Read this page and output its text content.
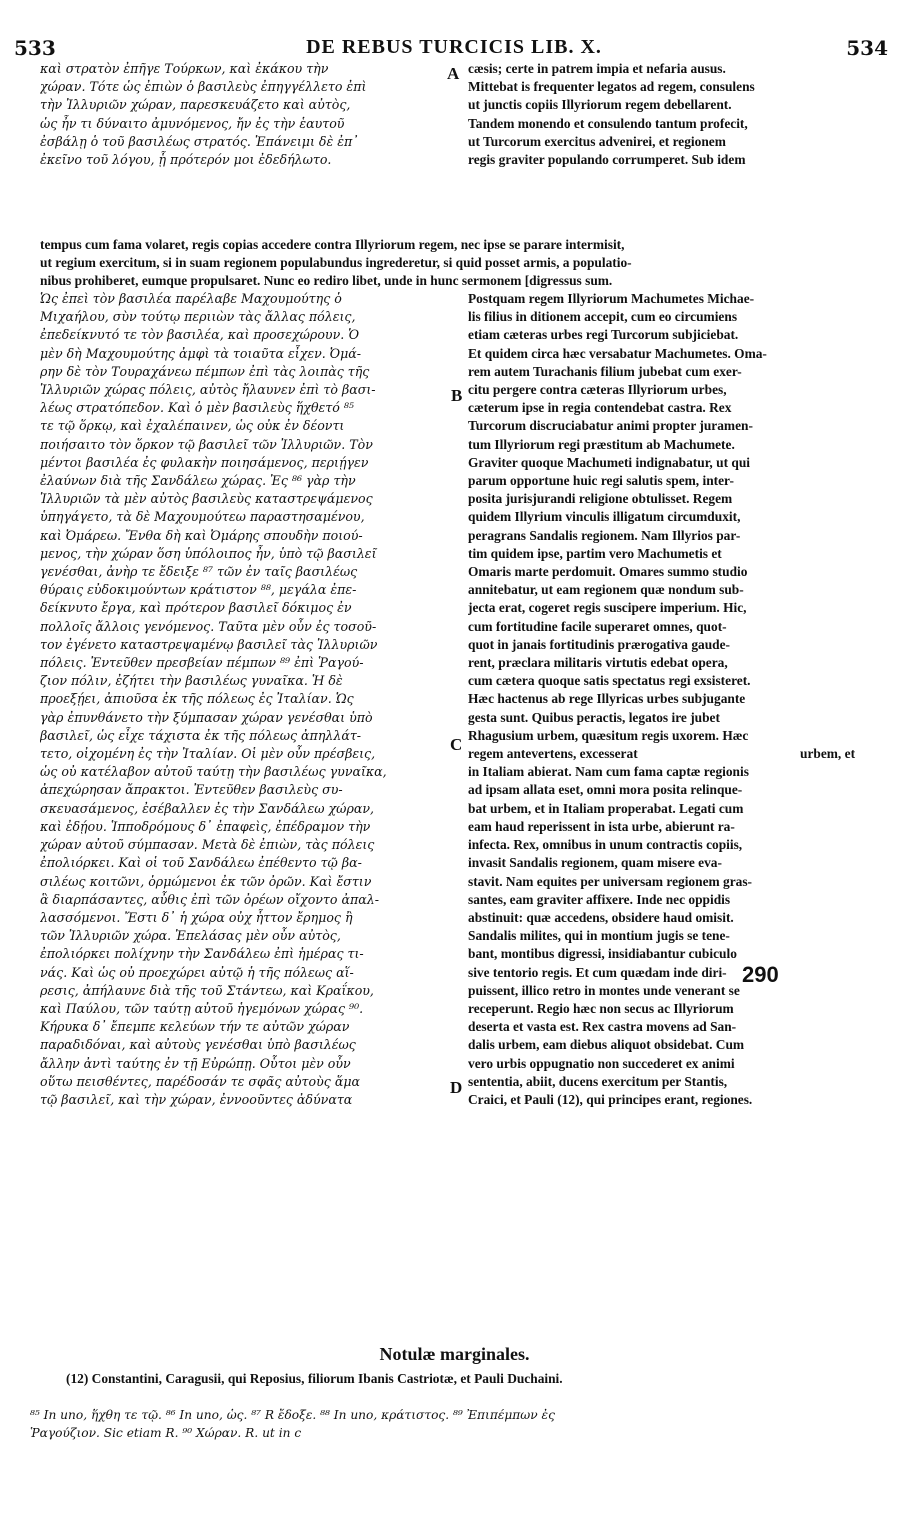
533	DE REBUS TURCICIS LIB. X.	534
καὶ στρατὸν ἐπῆγε Τούρκων, καὶ ἐκάκου τὴν
χώραν. Τότε ὡς ἐπιὼν ὁ βασιλεὺς ἐπηγγέλλετο ἐπὶ
τὴν Ἰλλυριῶν χώραν, παρεσκευάζετο καὶ αὐτὸς,
ὡς ἦν τι δύναιτο ἀμυνόμενος, ἤν ἐς τὴν ἑαυτοῦ
ἐσβάλῃ ὁ τοῦ βασιλέως στρατός. Ἐπάνειμι δὲ ἐπ᾽
ἐκεῖνο τοῦ λόγου, ᾗ πρότερόν μοι ἐδεδήλωτο.
cæsis; certe in patrem impia et nefaria ausus.
Mittebat is frequenter legatos ad regem, consulens
ut junctis copiis Illyriorum regem debellarent.
Tandem monendo et consulendo tantum profecit,
ut Turcorum exercitus advenirei, et regionem
regis graviter populando corrumperet. Sub idem
tempus cum fama volaret, regis copias accedere contra Illyriorum regem, nec ipse se parare intermisit,
ut regium exercitum, si in suam regionem populabundus ingrederetur, si quid posset armis, a populatio-
nibus prohiberet, eumque propulsaret. Nunc eo rediro libet, unde in hunc sermonem [digressus sum.
Ὡς ἐπεὶ τὸν βασιλέα παρέλαβε Μαχουμούτης ὁ
Μιχαήλου, σὺν τούτῳ περιιὼν τὰς ἄλλας πόλεις,
ἐπεδείκνυτό τε τὸν βασιλέα, καὶ προσεχώρουν. Ὁ
μὲν δὴ Μαχουμούτης ἀμφὶ τὰ τοιαῦτα εἶχεν. Ὀμά-
ρην δὲ τὸν Τουραχάνεω πέμπων ἐπὶ τὰς λοιπὰς τῆς
Ἰλλυριῶν χώρας πόλεις, αὐτὸς ἤλαυνεν ἐπὶ τὸ βασι-
λέως στρατόπεδον. Καὶ ὁ μὲν βασιλεὺς ἥχθετό ⁸⁵
τε τῷ ὅρκῳ, καὶ ἐχαλέπαινεν, ὡς οὐκ ἐν δέοντι
ποιήσαιτο τὸν ὅρκον τῷ βασιλεῖ τῶν Ἰλλυριῶν. Τὸν
μέντοι βασιλέα ἐς φυλακὴν ποιησάμενος, περιῄγεν
ἐλαύνων διὰ τῆς Σανδάλεω χώρας. Ἐς ⁸⁶ γὰρ τὴν
Ἰλλυριῶν τὰ μὲν αὐτὸς βασιλεὺς καταστρεψάμενος
ὑπηγάγετο, τὰ δὲ Μαχουμούτεω παραστησαμένου,
καὶ Ὀμάρεω. Ἔνθα δὴ καὶ Ὀμάρης σπουδὴν ποιού-
μενος, τὴν χώραν ὅση ὑπόλοιπος ἦν, ὑπὸ τῷ βασιλεῖ
γενέσθαι, ἀνὴρ τε ἔδειξε ⁸⁷ τῶν ἐν ταῖς βασιλέως
θύραις εὐδοκιμούντων κράτιστον ⁸⁸, μεγάλα ἐπε-
δείκνυτο ἔργα, καὶ πρότερον βασιλεῖ δόκιμος ἐν
πολλοῖς ἄλλοις γενόμενος. Ταῦτα μὲν οὖν ἐς τοσοῦ-
τον ἐγένετο καταστρεψαμένῳ βασιλεῖ τὰς Ἰλλυριῶν
πόλεις. Ἐντεῦθεν πρεσβείαν πέμπων ⁸⁹ ἐπὶ Ῥαγού-
ζιον πόλιν, ἐζήτει τὴν βασιλέως γυναῖκα. Ἡ δὲ
προεξῄει, ἀπιοῦσα ἐκ τῆς πόλεως ἐς Ἰταλίαν. Ὡς
γὰρ ἐπυνθάνετο τὴν ξύμπασαν χώραν γενέσθαι ὑπὸ
βασιλεῖ, ὡς εἶχε τάχιστα ἐκ τῆς πόλεως ἀπηλλάτ-
τετο, οἰχομένη ἐς τὴν Ἰταλίαν. Οἱ μὲν οὖν πρέσβεις,
ὡς οὐ κατέλαβον αὐτοῦ ταύτῃ τὴν βασιλέως γυναῖκα,
ἀπεχώρησαν ἄπρακτοι. Ἐντεῦθεν βασιλεὺς συ-
σκευασάμενος, ἐσέβαλλεν ἐς τὴν Σανδάλεω χώραν,
καὶ ἐδῄου. Ἱπποδρόμους δ᾽ ἐπαφεὶς, ἐπέδραμον τὴν
χώραν αὐτοῦ σύμπασαν. Μετὰ δὲ ἐπιὼν, τὰς πόλεις
ἐπολιόρκει. Καὶ οἱ τοῦ Σανδάλεω ἐπέθεντο τῷ βα-
σιλέως κοιτῶνι, ὁρμώμενοι ἐκ τῶν ὀρῶν. Καὶ ἔστιν
ἃ διαρπάσαντες, αὖθις ἐπὶ τῶν ὀρέων οἴχοντο ἀπαλ-
λασσόμενοι. Ἔστι δ᾽ ἡ χώρα οὐχ ἧττον ἔρημος ἢ
τῶν Ἰλλυριῶν χώρα. Ἐπελάσας μὲν οὖν αὐτὸς,
ἐπολιόρκει πολίχνην τὴν Σανδάλεω ἐπὶ ἡμέρας τι-
νάς. Καὶ ὡς οὐ προεχώρει αὐτῷ ἡ τῆς πόλεως αἵ-
ρεσις, ἀπήλαυνε διὰ τῆς τοῦ Στάντεω, καὶ Κραΐκου,
καὶ Παύλου, τῶν ταύτῃ αὐτοῦ ἡγεμόνων χώρας ⁹⁰.
Κήρυκα δ᾽ ἔπεμπε κελεύων τήν τε αὐτῶν χώραν
παραδιδόναι, καὶ αὐτοὺς γενέσθαι ὑπὸ βασιλέως
ἄλλην ἀντὶ ταύτης ἐν τῇ Εὐρώπῃ. Οὗτοι μὲν οὖν
οὕτω πεισθέντες, παρέδοσάν τε σφᾶς αὐτοὺς ἅμα
τῷ βασιλεῖ, καὶ τὴν χώραν, ἐννοοῦντες ἀδύνατα
Postquam regem Illyriorum Machumetes Michae-
lis filius in ditionem accepit, cum eo circumiens
etiam cæteras urbes regi Turcorum subjiciebat.
Et quidem circa hæc versabatur Machumetes. Oma-
rem autem Turachanis filium jubebat cum exer-
citu pergere contra cæteras Illyriorum urbes,
cæterum ipse in regia contendebat castra. Rex
Turcorum discruciabatur animi propter juramen-
tum Illyriorum regi præstitum ab Machumete.
Graviter quoque Machumeti indignabatur, ut qui
parum opportune huic regi salutis spem, inter-
posita jurisjurandi religione obtulisset. Regem
quidem Illyrium vinculis illigatum circumduxit,
peragrans Sandalis regionem. Nam Illyrios par-
tim quidem ipse, partim vero Machumetis et
Omaris marte perdomuit. Omares summo studio
annitebatur, ut eam regionem quæ nondum sub-
jecta erat, cogeret regis suscipere imperium. Hic,
cum fortitudine facile superaret omnes, quot-
quot in janais fortitudinis prærogativa gaude-
rent, præclara militaris virtutis edebat opera,
cum cætera quoque satis spectatus regi exsisteret.
Hæc hactenus ab rege Illyricas urbes subjugante
gesta sunt. Quibus peractis, legatos ire jubet
Rhagusium urbem, quæsitum regis uxorem. Hæc
regem antevertens, excesserat	urbem, et
in Italiam abierat. Nam cum fama captæ regionis
ad ipsam allata eset, omni mora posita relinque-
bat urbem, et in Italiam properabat. Legati cum
eam haud reperissent in ista urbe, abierunt ra-
infecta. Rex, omnibus in unum contractis copiis,
invasit Sandalis regionem, quam misere eva-
stavit. Nam equites per universam regionem gras-
santes, eam graviter affixere. Inde nec oppidis
abstinuit: quæ accedens, obsidere haud omisit.
Sandalis milites, qui in montium jugis se tene-
bant, montibus digressi, insidiabantur cubiculo
sive tentorio regis. Et cum quædam inde diri-
puissent, illico retro in montes unde venerant se
receperunt. Regio hæc non secus ac Illyriorum
deserta et vasta est. Rex castra movens ad San-
dalis urbem, eam diebus aliquot obsidebat. Cum
vero urbis oppugnatio non succederet ex animi
sententia, abiit, ducens exercitum per Stantis,
Craici, et Pauli (12), qui principes erant, regiones.
A
B
C
D
290
Notulæ marginales.
(12) Constantini, Caragusii, qui Reposius, filiorum Ibanis Castriotæ, et Pauli Duchaini.
⁸⁵ In uno, ἥχθη τε τῷ. ⁸⁶ In uno, ὡς. ⁸⁷ R ἔδοξε. ⁸⁸ In uno, κράτιστος. ⁸⁹ Ἐπιπέμπων ἐς
Ῥαγούζιον. Sic etiam R. ⁹⁰ Χώραν. R. ut in c
